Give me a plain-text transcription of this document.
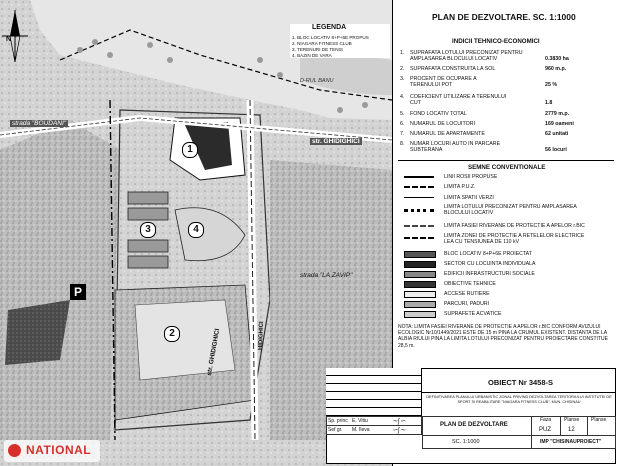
N
strada "BOUDANI"
str. GHIDIGHICI
str. GHIDIGHICI
strada "LA ZAVIP"
HIDIGHICI
D-RUL BANU
1
3	4
2
P
LEGENDA
1. BLOC LOCATIV 8+P+6E PROPUS
2. NIAGARA FITNESS CLUB
3. TERENURI DE TENIS
4. BAZIN DE VARA
PLAN DE DEZVOLTARE. SC. 1:1000
INDICII TEHNICO-ECONOMICI
1.	SUPRAFATA LOTULUI PRECONIZAT PENTRU AMPLASAREA BLOCULUI LOCATIV	0.3830 ha
2.	SUPRAFATA CONSTRUITA LA SOL	960 m.p.
3.	PROCENT DE OCUPARE A TERENULUI POT	25 %
4.	COEFICIENT UTILIZARE A TERENULUI CUT	1.8
5.	FOND LOCATIV TOTAL	2779 m.p.
6.	NUMARUL DE LOCUITORI	169 oameni
7.	NUMARUL DE APARTAMENTE	62 unitati
8.	NUMAR LOCURI AUTO IN PARCARE SUBTERANA	56 locuri
SEMNE CONVENTIONALE
LINII ROSII PROPUSE
LIMITA P.U.Z.
LIMITA SPATII VERZI
LIMITA LOTULUI PRECONIZAT PENTRU AMPLASAREA BLOCULUI LOCATIV
LIMITA FASIEI RIVERANE DE PROTECTIE A APELOR r.BIC
LIMITA ZONEI DE PROTECTIE A RETELELOR ELECTRICE LEA CU TENSIUNEA DE 110 kV
BLOC LOCATIV 8+P+6E PROIECTAT
SECTOR CU LOCUINTA INDIVIDUALA
EDIFICII INFRASTRUCTURI SOCIALE
OBIECTIVE TEHNICE
ACCESE RUTIERE
PARCURI, PADURI
SUPRAFETE ACVATICE
NOTA: LIMITA FASIEI RIVERANE DE PROTECTIE A APELOR r.BIC CONFORM AVIZULUI ECOLOGIC Nr10/1449/2021 ESTE DE 15 m PINA LA CRUMUL EXISTENT. DISTANTA DE LA ALBIA RIULUI PINA LA LIMITA LOTULUI PRECONIZAT PENTRU PROIECTARE CONSTITUE 28,5 m.
OBIECT Nr 3458-S
DEFINITIVAREA PLANULUI URBANISTIC ZONAL PRIVIND DEZVOLTAREA TERITORIULUI INSTITUTEI DE SPORT SI REABILITARE "NIAGARA FITNESS CLUB", MUN. CHISINAU
Sp. princ E. Vitiu
Sef gr. M. Ileva
∼∫∽
∽∫∼
PLAN DE DEZVOLTARE
Faza
PUZ
Planse
12
Planse
SC. 1:1000	IMP "CHISINAUPROIECT"
NATIONAL
